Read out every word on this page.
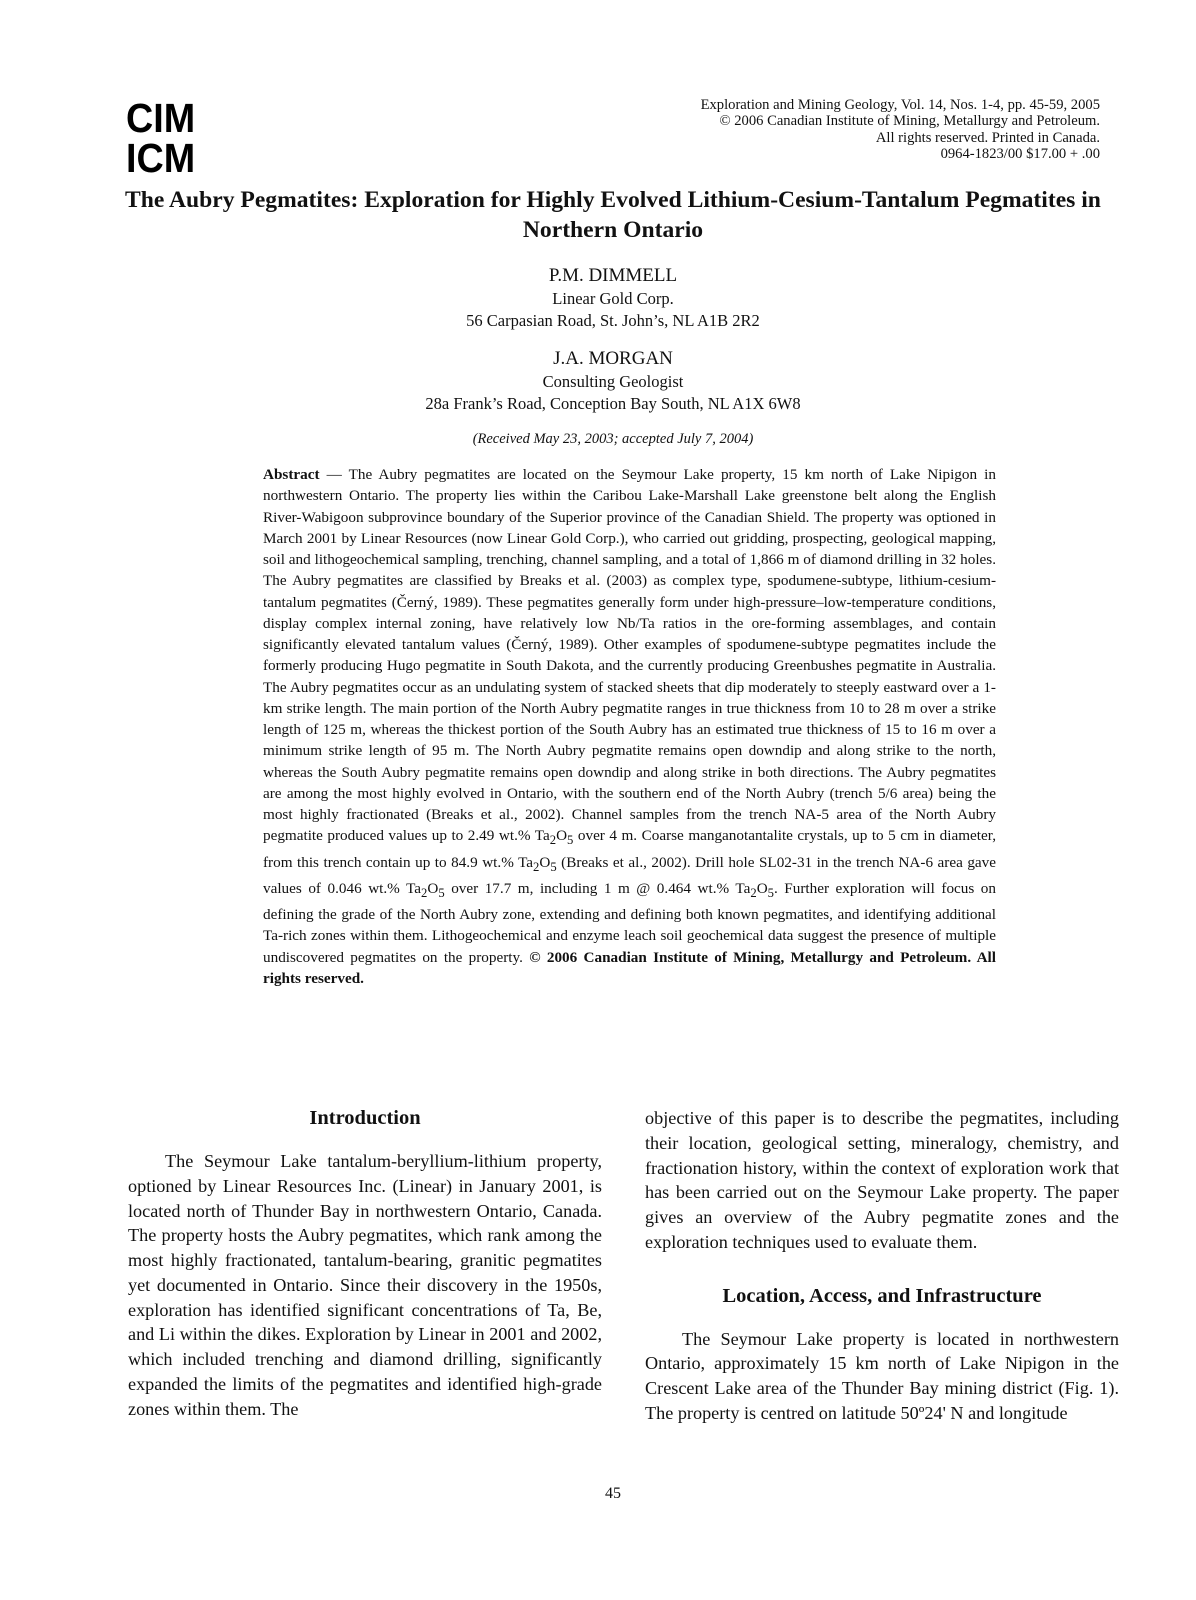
CIM
ICM
Exploration and Mining Geology, Vol. 14, Nos. 1-4, pp. 45-59, 2005
© 2006 Canadian Institute of Mining, Metallurgy and Petroleum.
All rights reserved. Printed in Canada.
0964-1823/00 $17.00 + .00
The Aubry Pegmatites: Exploration for Highly Evolved Lithium-Cesium-Tantalum Pegmatites in Northern Ontario
P.M. DIMMELL
Linear Gold Corp.
56 Carpasian Road, St. John’s, NL A1B 2R2
J.A. MORGAN
Consulting Geologist
28a Frank’s Road, Conception Bay South, NL A1X 6W8
(Received May 23, 2003; accepted July 7, 2004)
Abstract — The Aubry pegmatites are located on the Seymour Lake property, 15 km north of Lake Nipigon in northwestern Ontario. The property lies within the Caribou Lake-Marshall Lake greenstone belt along the English River-Wabigoon subprovince boundary of the Superior province of the Canadian Shield. The property was optioned in March 2001 by Linear Resources (now Linear Gold Corp.), who carried out gridding, prospecting, geological mapping, soil and lithogeochemical sampling, trenching, channel sampling, and a total of 1,866 m of diamond drilling in 32 holes. The Aubry pegmatites are classified by Breaks et al. (2003) as complex type, spodumene-subtype, lithium-cesium-tantalum pegmatites (Černý, 1989). These pegmatites generally form under high-pressure–low-temperature conditions, display complex internal zoning, have relatively low Nb/Ta ratios in the ore-forming assemblages, and contain significantly elevated tantalum values (Černý, 1989). Other examples of spodumene-subtype pegmatites include the formerly producing Hugo pegmatite in South Dakota, and the currently producing Greenbushes pegmatite in Australia. The Aubry pegmatites occur as an undulating system of stacked sheets that dip moderately to steeply eastward over a 1-km strike length. The main portion of the North Aubry pegmatite ranges in true thickness from 10 to 28 m over a strike length of 125 m, whereas the thickest portion of the South Aubry has an estimated true thickness of 15 to 16 m over a minimum strike length of 95 m. The North Aubry pegmatite remains open downdip and along strike to the north, whereas the South Aubry pegmatite remains open downdip and along strike in both directions. The Aubry pegmatites are among the most highly evolved in Ontario, with the southern end of the North Aubry (trench 5/6 area) being the most highly fractionated (Breaks et al., 2002). Channel samples from the trench NA-5 area of the North Aubry pegmatite produced values up to 2.49 wt.% $Ta_2O_5$ over 4 m. Coarse manganotantalite crystals, up to 5 cm in diameter, from this trench contain up to 84.9 wt.% $Ta_2O_5$ (Breaks et al., 2002). Drill hole SL02-31 in the trench NA-6 area gave values of 0.046 wt.% $Ta_2O_5$ over 17.7 m, including 1 m @ 0.464 wt.% $Ta_2O_5$. Further exploration will focus on defining the grade of the North Aubry zone, extending and defining both known pegmatites, and identifying additional Ta-rich zones within them. Lithogeochemical and enzyme leach soil geochemical data suggest the presence of multiple undiscovered pegmatites on the property. © 2006 Canadian Institute of Mining, Metallurgy and Petroleum. All rights reserved.
Introduction

The Seymour Lake tantalum-beryllium-lithium property, optioned by Linear Resources Inc. (Linear) in January 2001, is located north of Thunder Bay in northwestern Ontario, Canada. The property hosts the Aubry pegmatites, which rank among the most highly fractionated, tantalum-bearing, granitic pegmatites yet documented in Ontario. Since their discovery in the 1950s, exploration has identified significant concentrations of Ta, Be, and Li within the dikes. Exploration by Linear in 2001 and 2002, which included trenching and diamond drilling, significantly expanded the limits of the pegmatites and identified high-grade zones within them. The

objective of this paper is to describe the pegmatites, including their location, geological setting, mineralogy, chemistry, and fractionation history, within the context of exploration work that has been carried out on the Seymour Lake property. The paper gives an overview of the Aubry pegmatite zones and the exploration techniques used to evaluate them.

Location, Access, and Infrastructure

The Seymour Lake property is located in northwestern Ontario, approximately 15 km north of Lake Nipigon in the Crescent Lake area of the Thunder Bay mining district (Fig. 1). The property is centred on latitude 50º24' N and longitude

45
